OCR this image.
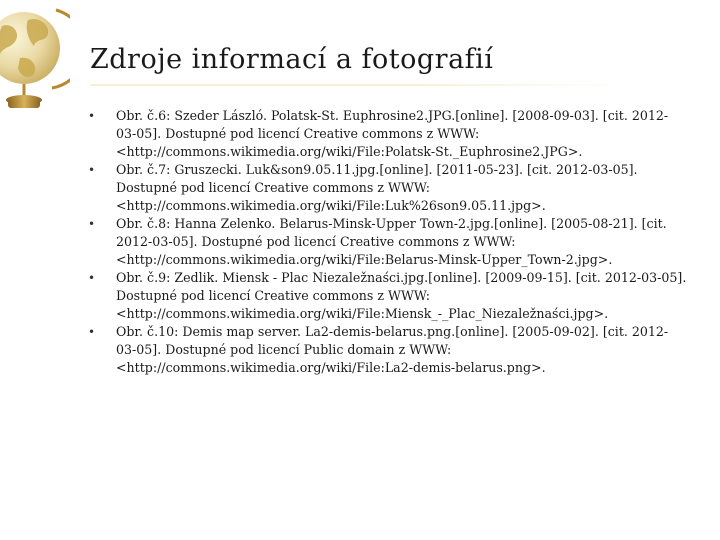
Zdroje informací a fotografií
• Obr. č.6: Szeder László. Polatsk-St. Euphrosine2.JPG.[online]. [2008-09-03]. [cit. 2012-03-05]. Dostupné pod licencí Creative commons z WWW: <http://commons.wikimedia.org/wiki/File:Polatsk-St._Euphrosine2.JPG>.
• Obr. č.7: Gruszecki. Luk&son9.05.11.jpg.[online]. [2011-05-23]. [cit. 2012-03-05]. Dostupné pod licencí Creative commons z WWW: <http://commons.wikimedia.org/wiki/File:Luk%26son9.05.11.jpg>.
• Obr. č.8: Hanna Zelenko. Belarus-Minsk-Upper Town-2.jpg.[online]. [2005-08-21]. [cit. 2012-03-05]. Dostupné pod licencí Creative commons z WWW: <http://commons.wikimedia.org/wiki/File:Belarus-Minsk-Upper_Town-2.jpg>.
• Obr. č.9: Zedlik. Miensk - Plac Niezaležnaści.jpg.[online]. [2009-09-15]. [cit. 2012-03-05]. Dostupné pod licencí Creative commons z WWW: <http://commons.wikimedia.org/wiki/File:Miensk_-_Plac_Niezaležnaści.jpg>.
• Obr. č.10: Demis map server. La2-demis-belarus.png.[online]. [2005-09-02]. [cit. 2012-03-05]. Dostupné pod licencí Public domain z WWW: <http://commons.wikimedia.org/wiki/File:La2-demis-belarus.png>.
